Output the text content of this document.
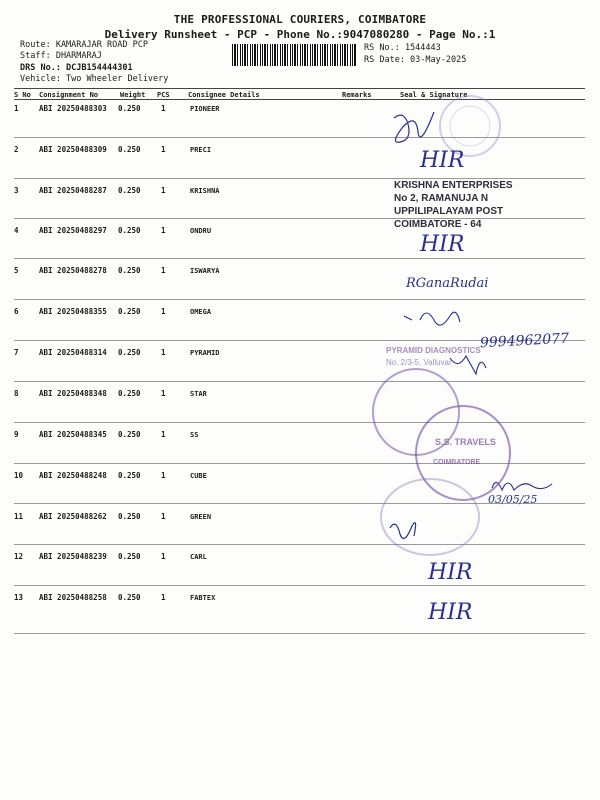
THE PROFESSIONAL COURIERS, COIMBATORE
Delivery Runsheet - PCP - Phone No.:9047080280 - Page No.:1
Route: KAMARAJAR ROAD PCP
Staff: DHARMARAJ
DRS No.: DCJB154444301
Vehicle: Two Wheeler Delivery
RS No.: 1544443
RS Date: 03-May-2025
S No Consignment No	Weight PCS	Consignee Details	Remarks	Seal & Signature
1	ABI 20250488303 0.250	1	PIONEER
2	ABI 20250488309 0.250	1	PRECI
3	ABI 20250488287 0.250	1	KRISHNA
4	ABI 20250488297 0.250	1	ONDRU
5	ABI 20250488278 0.250	1	ISWARYA
6	ABI 20250488355 0.250	1	OMEGA
7	ABI 20250488314 0.250	1	PYRAMID
8	ABI 20250488348 0.250	1	STAR
9	ABI 20250488345 0.250	1	SS
10 ABI 20250488248 0.250	1	CUBE
11 ABI 20250488262 0.250	1	GREEN
12 ABI 20250488239 0.250	1	CARL
13 ABI 20250488258 0.250	1	FABTEX
KRISHNA ENTERPRISES
No 2, RAMANUJA N
UPPILIPALAYAM POST
COIMBATORE - 64
PYRAMID DIAGNOSTICS
No. 2/3-5, Valluvar
S.S. TRAVELS
COIMBATORE
HIR
HIR
RGanaRudai
9994962077
03/05/25
HIR
HIR
